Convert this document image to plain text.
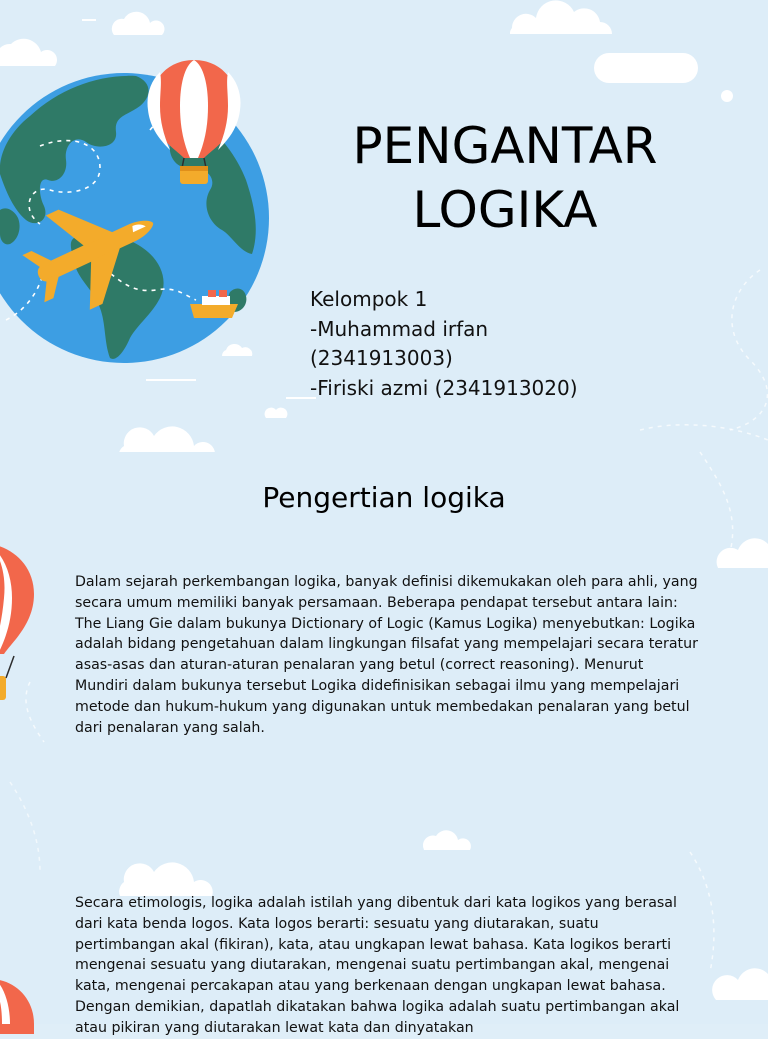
PENGANTAR
LOGIKA
Kelompok 1
-Muhammad irfan
(2341913003)
-Firiski azmi (2341913020)
Pengertian logika

Dalam sejarah perkembangan logika, banyak definisi dikemukakan oleh para ahli, yang secara umum memiliki banyak persamaan. Beberapa pendapat tersebut antara lain: The Liang Gie dalam bukunya Dictionary of Logic (Kamus Logika) menyebutkan: Logika adalah bidang pengetahuan dalam lingkungan filsafat yang mempelajari secara teratur asas-asas dan aturan-aturan penalaran yang betul (correct reasoning). Menurut Mundiri dalam bukunya tersebut Logika didefinisikan sebagai ilmu yang mempelajari metode dan hukum-hukum yang digunakan untuk membedakan penalaran yang betul dari penalaran yang salah.

Secara etimologis, logika adalah istilah yang dibentuk dari kata logikos yang berasal dari kata benda logos. Kata logos berarti: sesuatu yang diutarakan, suatu pertimbangan akal (fikiran), kata, atau ungkapan lewat bahasa. Kata logikos berarti mengenai sesuatu yang diutarakan, mengenai suatu pertimbangan akal, mengenai kata, mengenai percakapan atau yang berkenaan dengan ungkapan lewat bahasa. Dengan demikian, dapatlah dikatakan bahwa logika adalah suatu pertimbangan akal atau pikiran yang diutarakan lewat kata dan dinyatakan
